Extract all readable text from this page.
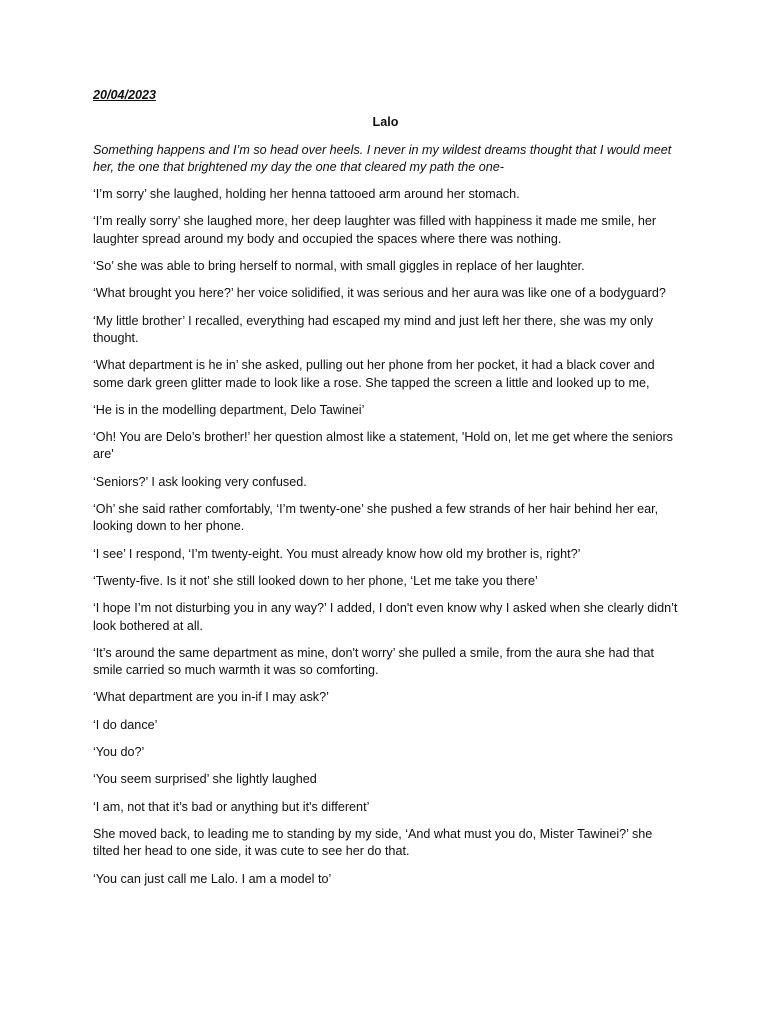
20/04/2023
Lalo
Something happens and I’m so head over heels. I never in my wildest dreams thought that I would meet her, the one that brightened my day the one that cleared my path the one-

‘I’m sorry’ she laughed, holding her henna tattooed arm around her stomach.

‘I’m really sorry’ she laughed more, her deep laughter was filled with happiness it made me smile, her laughter spread around my body and occupied the spaces where there was nothing.

‘So’ she was able to bring herself to normal, with small giggles in replace of her laughter.

‘What brought you here?’ her voice solidified, it was serious and her aura was like one of a bodyguard?

‘My little brother’ I recalled, everything had escaped my mind and just left her there, she was my only thought.

‘What department is he in’ she asked, pulling out her phone from her pocket, it had a black cover and some dark green glitter made to look like a rose. She tapped the screen a little and looked up to me,

‘He is in the modelling department, Delo Tawinei’

‘Oh! You are Delo’s brother!’ her question almost like a statement, 'Hold on, let me get where the seniors are'

‘Seniors?’ I ask looking very confused.

‘Oh’ she said rather comfortably, ‘I’m twenty-one’ she pushed a few strands of her hair behind her ear, looking down to her phone.

‘I see’ I respond, ‘I’m twenty-eight. You must already know how old my brother is, right?’

‘Twenty-five. Is it not’ she still looked down to her phone, ‘Let me take you there’

‘I hope I’m not disturbing you in any way?’ I added, I don't even know why I asked when she clearly didn’t look bothered at all.

‘It’s around the same department as mine, don't worry’ she pulled a smile, from the aura she had that smile carried so much warmth it was so comforting.

‘What department are you in-if I may ask?’

‘I do dance’

‘You do?’

‘You seem surprised’ she lightly laughed

‘I am, not that it’s bad or anything but it's different’

She moved back, to leading me to standing by my side, ‘And what must you do, Mister Tawinei?’ she tilted her head to one side, it was cute to see her do that.

‘You can just call me Lalo. I am a model to’
